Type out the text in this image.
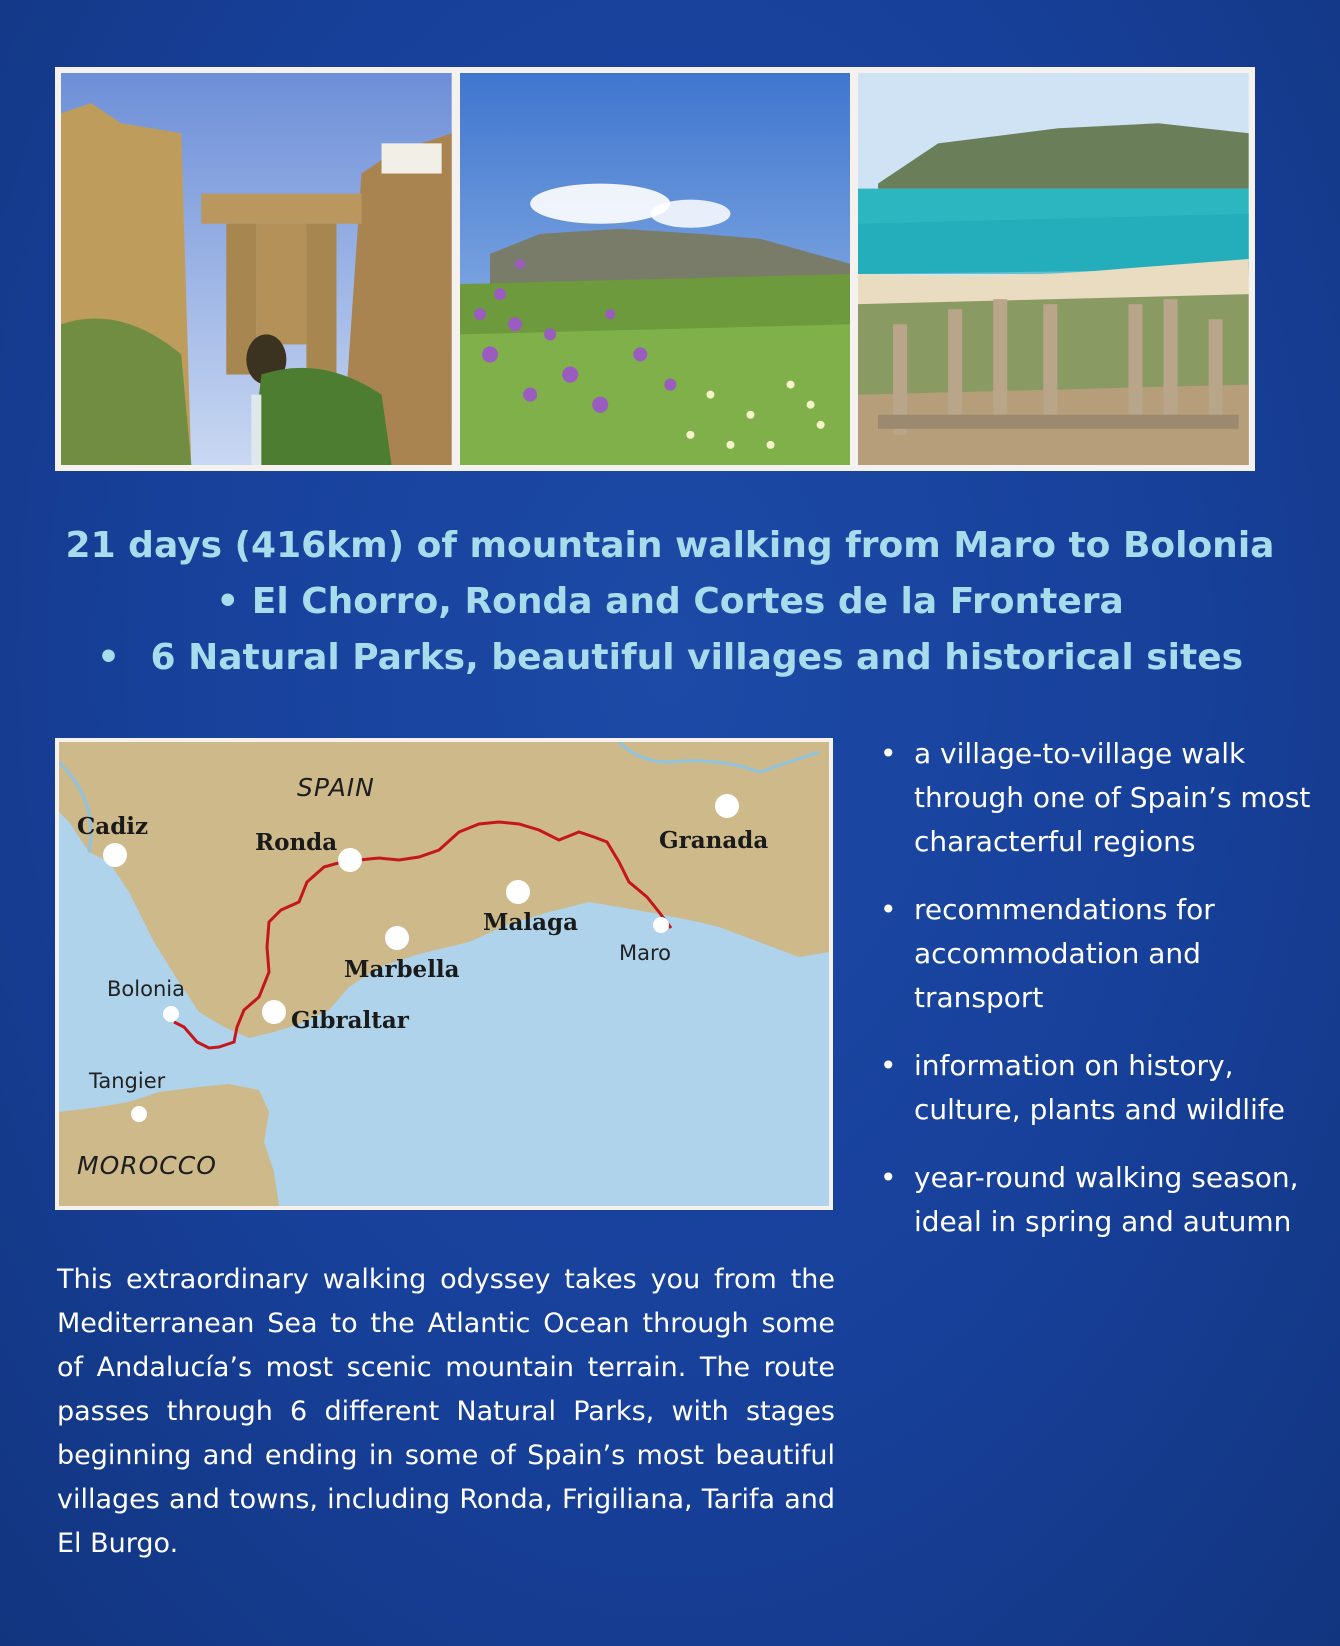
21 days (416km) of mountain walking from Maro to Bolonia
• El Chorro, Ronda and Cortes de la Frontera
• 6 Natural Parks, beautiful villages and historical sites
SPAIN
MOROCCO
Cadiz
Ronda	Granada
Malaga
Maro
Marbella
Bolonia
Gibraltar
Tangier
• a village-to-village walk through one of Spain’s most characterful regions
• recommendations for accommodation and transport
• information on history, culture, plants and wildlife
• year-round walking season, ideal in spring and autumn

This extraordinary walking odyssey takes you from the Mediterranean Sea to the Atlantic Ocean through some of Andalucía’s most scenic mountain terrain. The route passes through 6 different Natural Parks, with stages beginning and ending in some of Spain’s most beautiful villages and towns, including Ronda, Frigiliana, Tarifa and El Burgo.
